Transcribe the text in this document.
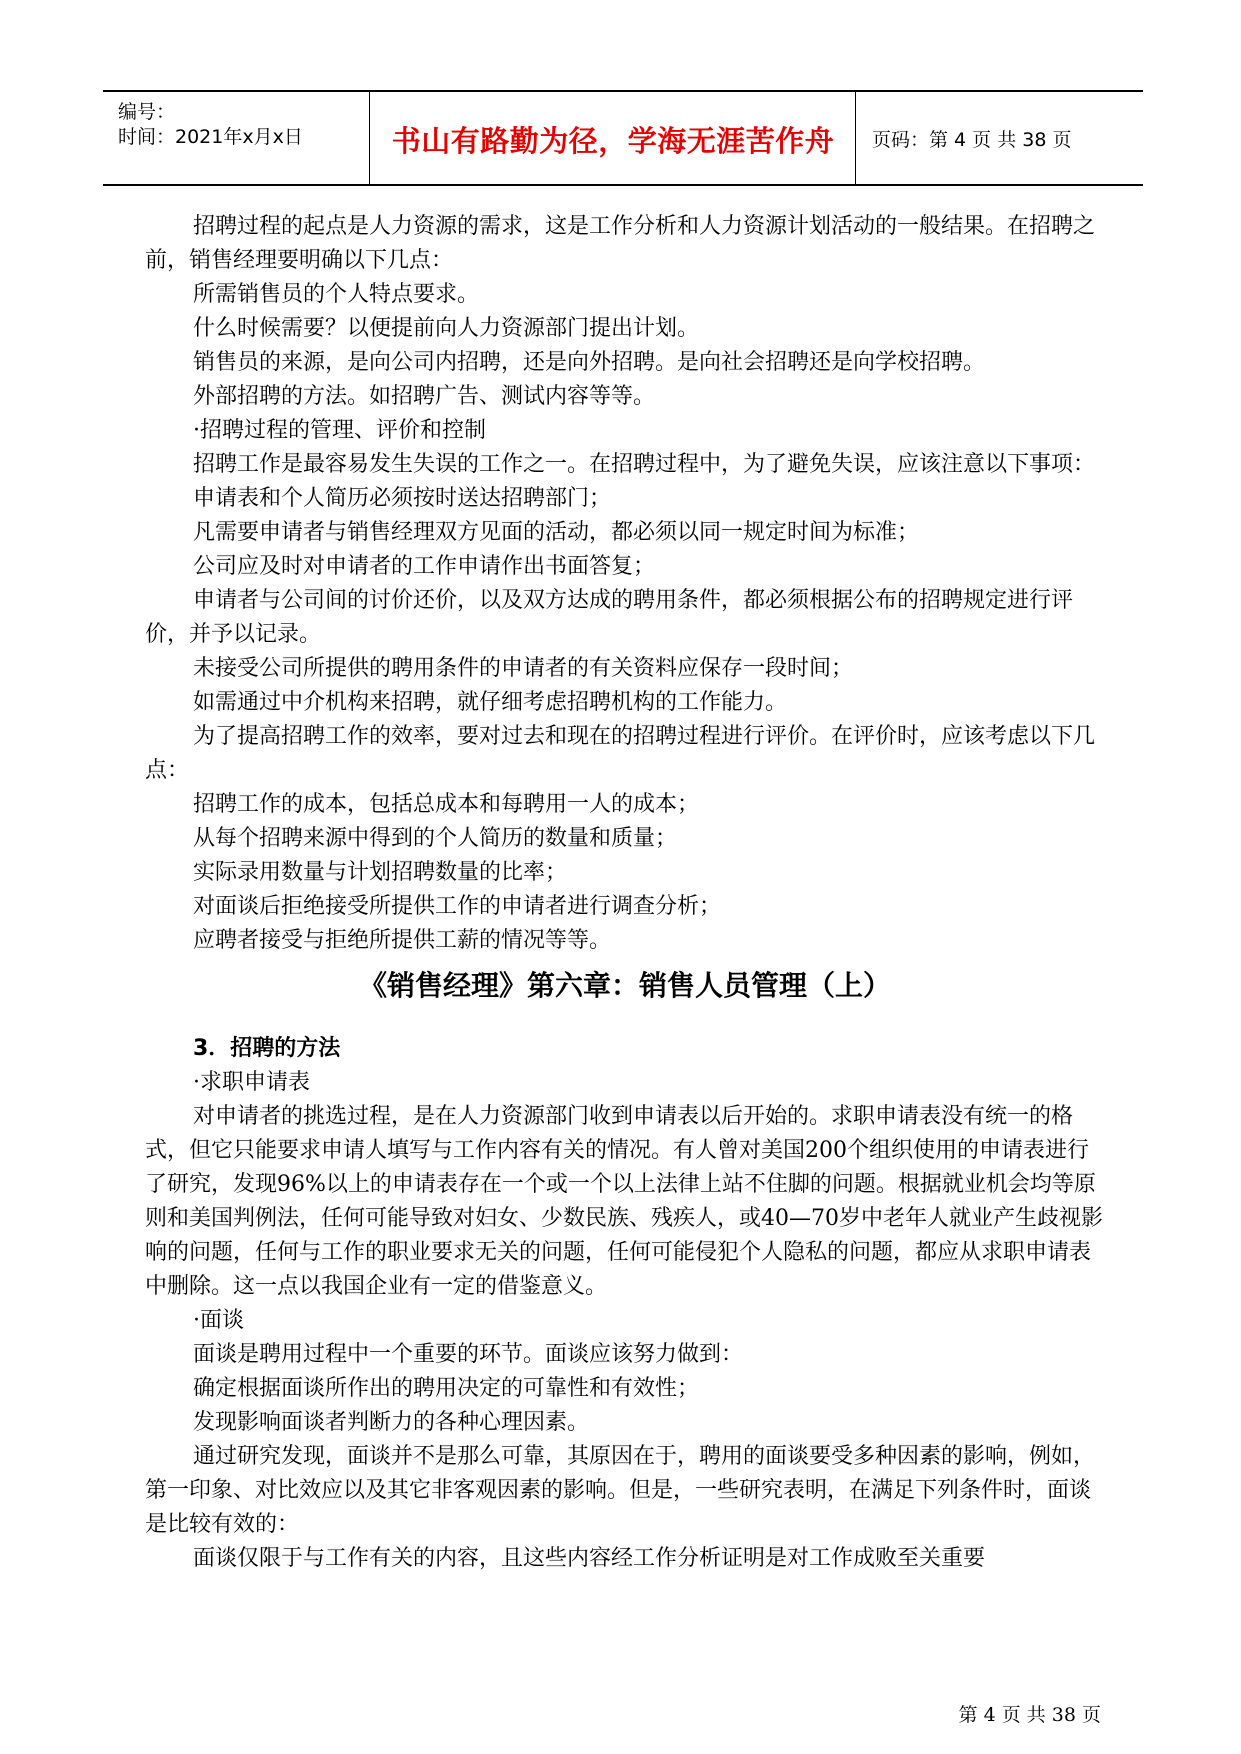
编号：
时间：2021年x月x日	书山有路勤为径，学海无涯苦作舟	页码：第 4 页 共 38 页

招聘过程的起点是人力资源的需求，这是工作分析和人力资源计划活动的一般结果。在招聘之前，销售经理要明确以下几点：

所需销售员的个人特点要求。

什么时候需要？以便提前向人力资源部门提出计划。

销售员的来源，是向公司内招聘，还是向外招聘。是向社会招聘还是向学校招聘。

外部招聘的方法。如招聘广告、测试内容等等。

·招聘过程的管理、评价和控制

招聘工作是最容易发生失误的工作之一。在招聘过程中，为了避免失误，应该注意以下事项：

申请表和个人简历必须按时送达招聘部门；

凡需要申请者与销售经理双方见面的活动，都必须以同一规定时间为标准；

公司应及时对申请者的工作申请作出书面答复；

申请者与公司间的讨价还价，以及双方达成的聘用条件，都必须根据公布的招聘规定进行评价，并予以记录。

未接受公司所提供的聘用条件的申请者的有关资料应保存一段时间；

如需通过中介机构来招聘，就仔细考虑招聘机构的工作能力。

为了提高招聘工作的效率，要对过去和现在的招聘过程进行评价。在评价时，应该考虑以下几点：

招聘工作的成本，包括总成本和每聘用一人的成本；

从每个招聘来源中得到的个人简历的数量和质量；

实际录用数量与计划招聘数量的比率；

对面谈后拒绝接受所提供工作的申请者进行调查分析；

应聘者接受与拒绝所提供工薪的情况等等。

《销售经理》第六章：销售人员管理（上）
3．招聘的方法

·求职申请表

对申请者的挑选过程，是在人力资源部门收到申请表以后开始的。求职申请表没有统一的格式，但它只能要求申请人填写与工作内容有关的情况。有人曾对美国200个组织使用的申请表进行了研究，发现96%以上的申请表存在一个或一个以上法律上站不住脚的问题。根据就业机会均等原则和美国判例法，任何可能导致对妇女、少数民族、残疾人，或40—70岁中老年人就业产生歧视影响的问题，任何与工作的职业要求无关的问题，任何可能侵犯个人隐私的问题，都应从求职申请表中删除。这一点以我国企业有一定的借鉴意义。

·面谈

面谈是聘用过程中一个重要的环节。面谈应该努力做到：

确定根据面谈所作出的聘用决定的可靠性和有效性；

发现影响面谈者判断力的各种心理因素。

通过研究发现，面谈并不是那么可靠，其原因在于，聘用的面谈要受多种因素的影响，例如，第一印象、对比效应以及其它非客观因素的影响。但是，一些研究表明，在满足下列条件时，面谈是比较有效的：

面谈仅限于与工作有关的内容，且这些内容经工作分析证明是对工作成败至关重要

第 4 页 共 38 页
